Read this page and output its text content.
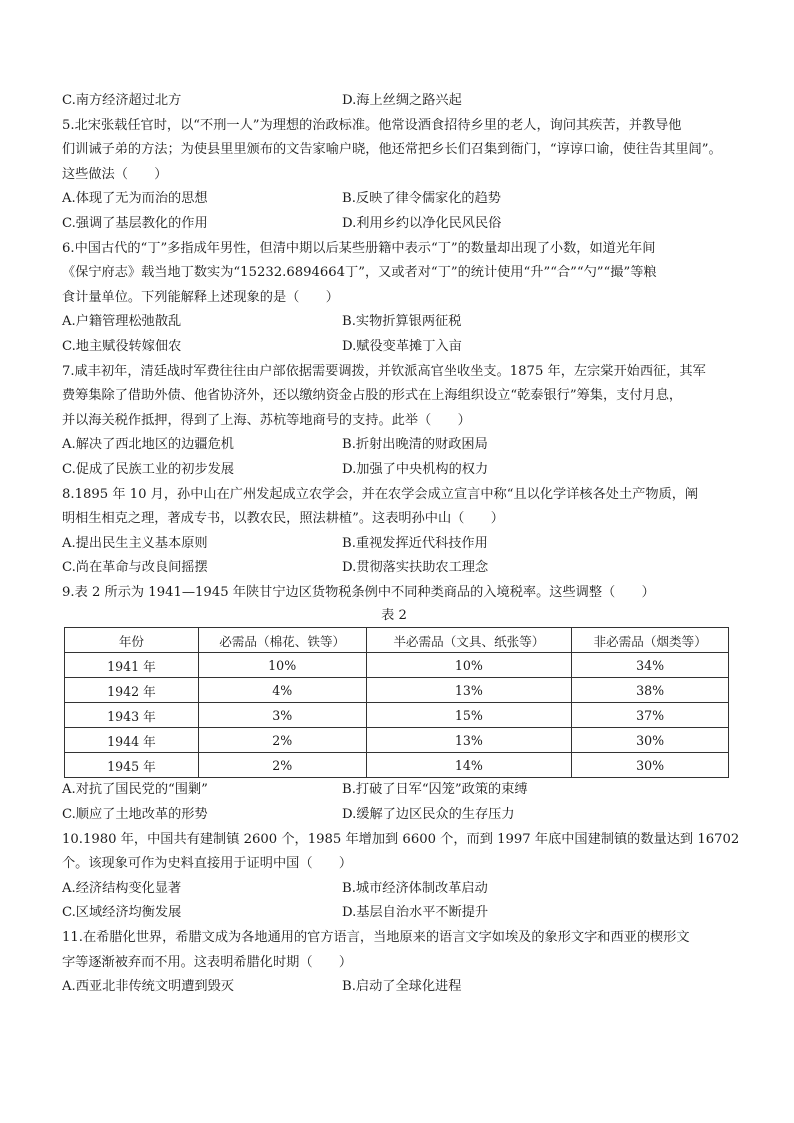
C.南方经济超过北方	D.海上丝绸之路兴起
5.北宋张载任官时，以“不刑一人”为理想的治政标准。他常设酒食招待乡里的老人，询问其疾苦，并教导他
们训诫子弟的方法；为使县里里颁布的文告家喻户晓，他还常把乡长们召集到衙门，“谆谆口谕，使往告其里闾”。
这些做法（　　）
A.体现了无为而治的思想	B.反映了律令儒家化的趋势
C.强调了基层教化的作用	D.利用乡约以净化民风民俗
6.中国古代的“丁”多指成年男性，但清中期以后某些册籍中表示“丁”的数量却出现了小数，如道光年间
《保宁府志》载当地丁数实为“15232.6894664丁”，又或者对“丁”的统计使用“升”“合”“勺”“撮”等粮
食计量单位。下列能解释上述现象的是（　　）
A.户籍管理松弛散乱	B.实物折算银两征税
C.地主赋役转嫁佃农	D.赋役变革摊丁入亩
7.咸丰初年，清廷战时军费往往由户部依据需要调拨，并钦派高官坐收坐支。1875 年，左宗棠开始西征，其军
费筹集除了借助外债、他省协济外，还以缴纳资金占股的形式在上海组织设立“乾泰银行”筹集，支付月息，
并以海关税作抵押，得到了上海、苏杭等地商号的支持。此举（　　）
A.解决了西北地区的边疆危机	B.折射出晚清的财政困局
C.促成了民族工业的初步发展	D.加强了中央机构的权力
8.1895 年 10 月，孙中山在广州发起成立农学会，并在农学会成立宣言中称“且以化学详核各处土产物质，阐
明相生相克之理，著成专书，以教农民，照法耕植”。这表明孙中山（　　）
A.提出民生主义基本原则	B.重视发挥近代科技作用
C.尚在革命与改良间摇摆	D.贯彻落实扶助农工理念
9.表 2 所示为 1941—1945 年陕甘宁边区货物税条例中不同种类商品的入境税率。这些调整（　　）
表 2
年份	必需品（棉花、铁等）	半必需品（文具、纸张等）	非必需品（烟类等）
1941 年	10%	10%	34%
1942 年	4%	13%	38%
1943 年	3%	15%	37%
1944 年	2%	13%	30%
1945 年	2%	14%	30%
A.对抗了国民党的“围剿”	B.打破了日军“囚笼”政策的束缚
C.顺应了土地改革的形势	D.缓解了边区民众的生存压力
10.1980 年，中国共有建制镇 2600 个，1985 年增加到 6600 个，而到 1997 年底中国建制镇的数量达到 16702
个。该现象可作为史料直接用于证明中国（　　）
A.经济结构变化显著	B.城市经济体制改革启动
C.区域经济均衡发展	D.基层自治水平不断提升
11.在希腊化世界，希腊文成为各地通用的官方语言，当地原来的语言文字如埃及的象形文字和西亚的楔形文
字等逐渐被弃而不用。这表明希腊化时期（　　）
A.西亚北非传统文明遭到毁灭	B.启动了全球化进程
